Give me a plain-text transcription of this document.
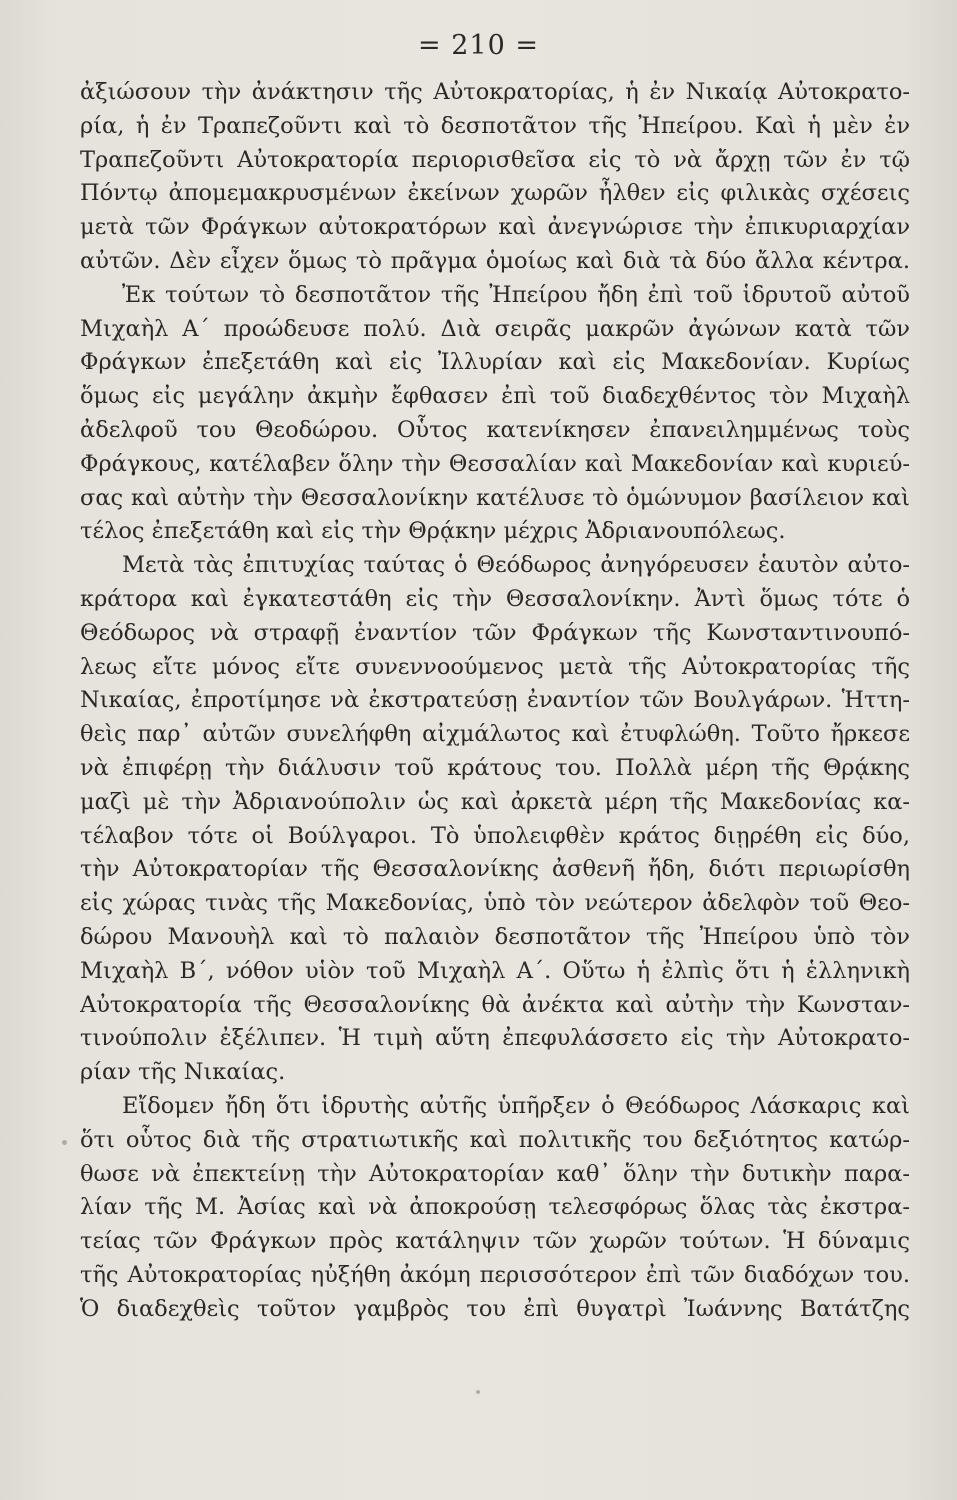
= 210 =
ἀξιώσουν τὴν ἀνάκτησιν τῆς Αὐτοκρατορίας, ἡ ἐν Νικαίᾳ Αὐτοκρατο-
ρία, ἡ ἐν Τραπεζοῦντι καὶ τὸ δεσποτᾶτον τῆς Ἠπείρου. Καὶ ἡ μὲν ἐν
Τραπεζοῦντι Αὐτοκρατορία περιορισθεῖσα εἰς τὸ νὰ ἄρχῃ τῶν ἐν τῷ
Πόντῳ ἀπομεμακρυσμένων ἐκείνων χωρῶν ἦλθεν εἰς φιλικὰς σχέσεις
μετὰ τῶν Φράγκων αὐτοκρατόρων καὶ ἀνεγνώρισε τὴν ἐπικυριαρχίαν
αὐτῶν. Δὲν εἶχεν ὅμως τὸ πρᾶγμα ὁμοίως καὶ διὰ τὰ δύο ἄλλα κέντρα.
Ἐκ τούτων τὸ δεσποτᾶτον τῆς Ἠπείρου ἤδη ἐπὶ τοῦ ἱδρυτοῦ αὐτοῦ
Μιχαὴλ Α΄ προώδευσε πολύ. Διὰ σειρᾶς μακρῶν ἀγώνων κατὰ τῶν
Φράγκων ἐπεξετάθη καὶ εἰς Ἰλλυρίαν καὶ εἰς Μακεδονίαν. Κυρίως
ὅμως εἰς μεγάλην ἀκμὴν ἔφθασεν ἐπὶ τοῦ διαδεχθέντος τὸν Μιχαὴλ
ἀδελφοῦ του Θεοδώρου. Οὗτος κατενίκησεν ἐπανειλημμένως τοὺς
Φράγκους, κατέλαβεν ὅλην τὴν Θεσσαλίαν καὶ Μακεδονίαν καὶ κυριεύ-
σας καὶ αὐτὴν τὴν Θεσσαλονίκην κατέλυσε τὸ ὁμώνυμον βασίλειον καὶ
τέλος ἐπεξετάθη καὶ εἰς τὴν Θρᾴκην μέχρις Ἀδριανουπόλεως.
Μετὰ τὰς ἐπιτυχίας ταύτας ὁ Θεόδωρος ἀνηγόρευσεν ἑαυτὸν αὐτο-
κράτορα καὶ ἐγκατεστάθη εἰς τὴν Θεσσαλονίκην. Ἀντὶ ὅμως τότε ὁ
Θεόδωρος νὰ στραφῇ ἐναντίον τῶν Φράγκων τῆς Κωνσταντινουπό-
λεως εἴτε μόνος εἴτε συνεννοούμενος μετὰ τῆς Αὐτοκρατορίας τῆς
Νικαίας, ἐπροτίμησε νὰ ἐκστρατεύσῃ ἐναντίον τῶν Βουλγάρων. Ἡττη-
θεὶς παρ᾽ αὐτῶν συνελήφθη αἰχμάλωτος καὶ ἐτυφλώθη. Τοῦτο ἤρκεσε
νὰ ἐπιφέρῃ τὴν διάλυσιν τοῦ κράτους του. Πολλὰ μέρη τῆς Θρᾴκης
μαζὶ μὲ τὴν Ἀδριανούπολιν ὡς καὶ ἀρκετὰ μέρη τῆς Μακεδονίας κα-
τέλαβον τότε οἱ Βούλγαροι. Τὸ ὑπολειφθὲν κράτος διῃρέθη εἰς δύο,
τὴν Αὐτοκρατορίαν τῆς Θεσσαλονίκης ἀσθενῆ ἤδη, διότι περιωρίσθη
εἰς χώρας τινὰς τῆς Μακεδονίας, ὑπὸ τὸν νεώτερον ἀδελφὸν τοῦ Θεο-
δώρου Μανουὴλ καὶ τὸ παλαιὸν δεσποτᾶτον τῆς Ἠπείρου ὑπὸ τὸν
Μιχαὴλ Β΄, νόθον υἱὸν τοῦ Μιχαὴλ Α΄. Οὕτω ἡ ἐλπὶς ὅτι ἡ ἑλληνικὴ
Αὐτοκρατορία τῆς Θεσσαλονίκης θὰ ἀνέκτα καὶ αὐτὴν τὴν Κωνσταν-
τινούπολιν ἐξέλιπεν. Ἡ τιμὴ αὕτη ἐπεφυλάσσετο εἰς τὴν Αὐτοκρατο-
ρίαν τῆς Νικαίας.
Εἴδομεν ἤδη ὅτι ἱδρυτὴς αὐτῆς ὑπῆρξεν ὁ Θεόδωρος Λάσκαρις καὶ
ὅτι οὗτος διὰ τῆς στρατιωτικῆς καὶ πολιτικῆς του δεξιότητος κατώρ-
θωσε νὰ ἐπεκτείνῃ τὴν Αὐτοκρατορίαν καθ᾽ ὅλην τὴν δυτικὴν παρα-
λίαν τῆς Μ. Ἀσίας καὶ νὰ ἀποκρούσῃ τελεσφόρως ὅλας τὰς ἐκστρα-
τείας τῶν Φράγκων πρὸς κατάληψιν τῶν χωρῶν τούτων. Ἡ δύναμις
τῆς Αὐτοκρατορίας ηὐξήθη ἀκόμη περισσότερον ἐπὶ τῶν διαδόχων του.
Ὁ διαδεχθεὶς τοῦτον γαμβρὸς του ἐπὶ θυγατρὶ Ἰωάννης Βατάτζης
